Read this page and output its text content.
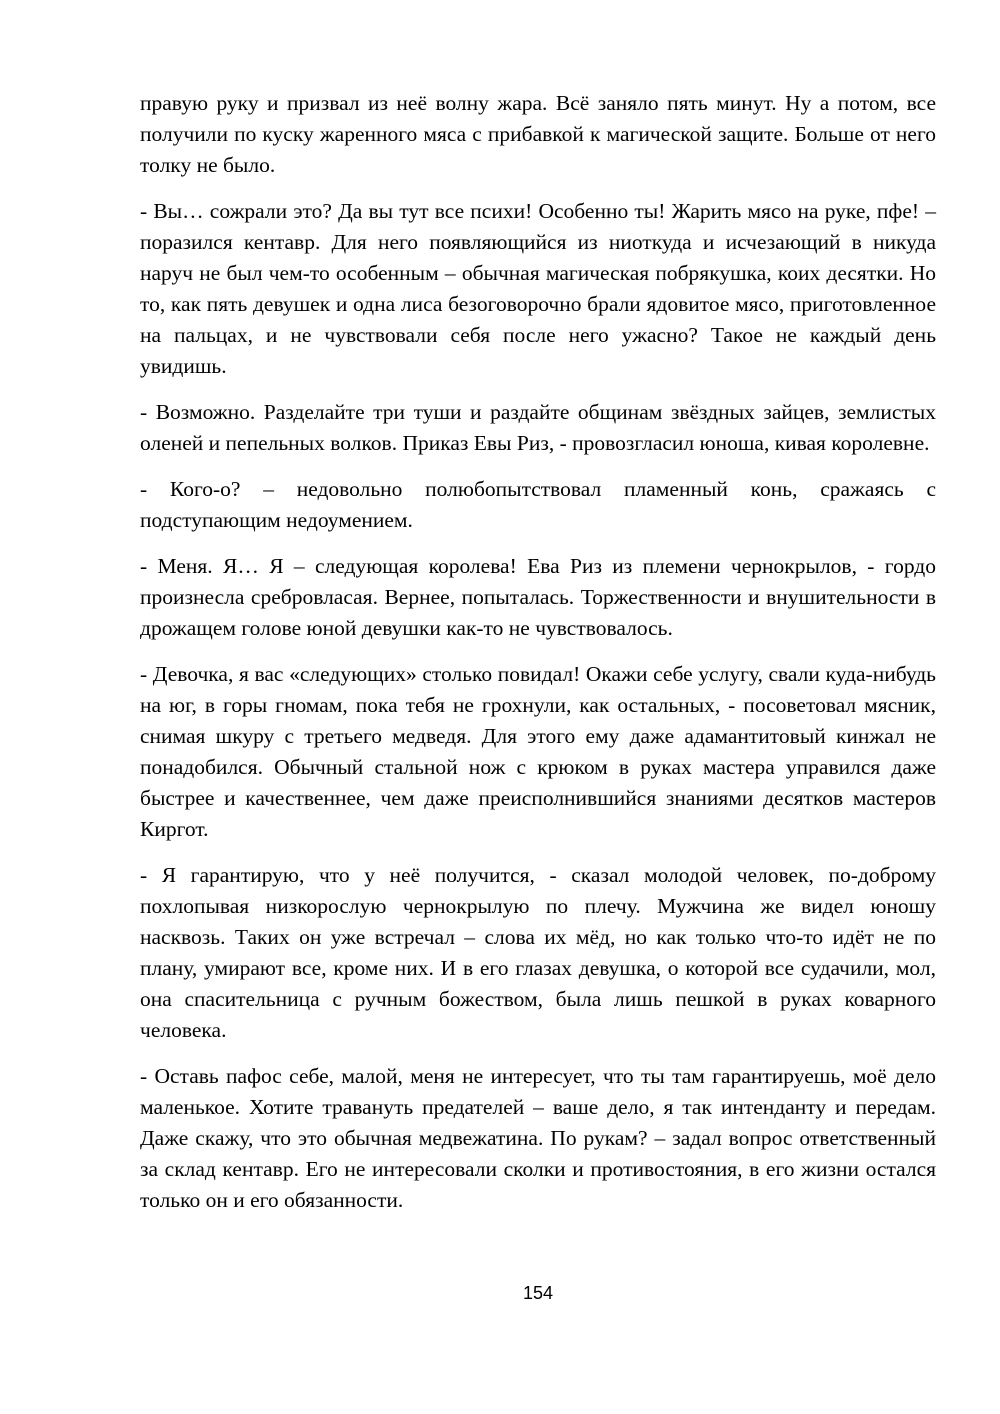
правую руку и призвал из неё волну жара. Всё заняло пять минут. Ну а потом, все получили по куску жаренного мяса с прибавкой к магической защите. Больше от него толку не было.

- Вы… сожрали это? Да вы тут все психи! Особенно ты! Жарить мясо на руке, пфе! – поразился кентавр. Для него появляющийся из ниоткуда и исчезающий в никуда наруч не был чем-то особенным – обычная магическая побрякушка, коих десятки. Но то, как пять девушек и одна лиса безоговорочно брали ядовитое мясо, приготовленное на пальцах, и не чувствовали себя после него ужасно? Такое не каждый день увидишь.

- Возможно. Разделайте три туши и раздайте общинам звёздных зайцев, землистых оленей и пепельных волков. Приказ Евы Риз, - провозгласил юноша, кивая королевне.

- Кого-о? – недовольно полюбопытствовал пламенный конь, сражаясь с подступающим недоумением.

- Меня. Я… Я – следующая королева! Ева Риз из племени чернокрылов, - гордо произнесла сребровласая. Вернее, попыталась. Торжественности и внушительности в дрожащем голове юной девушки как-то не чувствовалось.

- Девочка, я вас «следующих» столько повидал! Окажи себе услугу, свали куда-нибудь на юг, в горы гномам, пока тебя не грохнули, как остальных, - посоветовал мясник, снимая шкуру с третьего медведя. Для этого ему даже адамантитовый кинжал не понадобился. Обычный стальной нож с крюком в руках мастера управился даже быстрее и качественнее, чем даже преисполнившийся знаниями десятков мастеров Киргот.

- Я гарантирую, что у неё получится, - сказал молодой человек, по-доброму похлопывая низкорослую чернокрылую по плечу. Мужчина же видел юношу насквозь. Таких он уже встречал – слова их мёд, но как только что-то идёт не по плану, умирают все, кроме них. И в его глазах девушка, о которой все судачили, мол, она спасительница с ручным божеством, была лишь пешкой в руках коварного человека.

- Оставь пафос себе, малой, меня не интересует, что ты там гарантируешь, моё дело маленькое. Хотите травануть предателей – ваше дело, я так интенданту и передам. Даже скажу, что это обычная медвежатина. По рукам? – задал вопрос ответственный за склад кентавр. Его не интересовали сколки и противостояния, в его жизни остался только он и его обязанности.

154
